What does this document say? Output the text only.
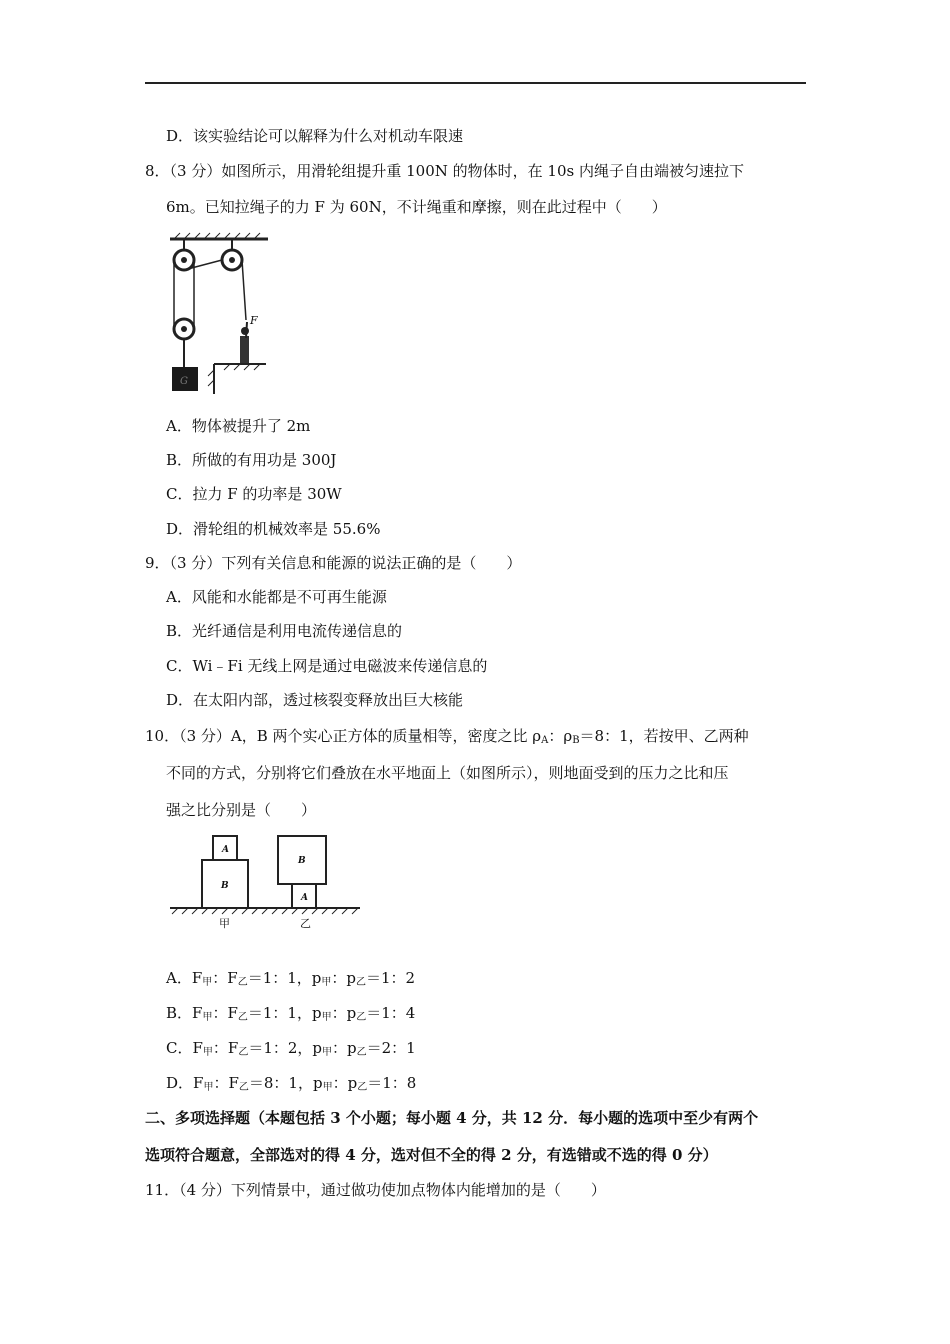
D．该实验结论可以解释为什么对机动车限速
8．（3 分）如图所示，用滑轮组提升重 100N 的物体时，在 10s 内绳子自由端被匀速拉下
6m。已知拉绳子的力 F 为 60N，不计绳重和摩擦，则在此过程中（　　）
G
F
A．物体被提升了 2m
B．所做的有用功是 300J
C．拉力 F 的功率是 30W
D．滑轮组的机械效率是 55.6%
9．（3 分）下列有关信息和能源的说法正确的是（　　）
A．风能和水能都是不可再生能源
B．光纤通信是利用电流传递信息的
C．Wi﹣Fi 无线上网是通过电磁波来传递信息的
D．在太阳内部，透过核裂变释放出巨大核能
10．（3 分）A，B 两个实心正方体的质量相等，密度之比 $\rho_A$：$\rho_B=8$：1，若按甲、乙两种
不同的方式，分别将它们叠放在水平地面上（如图所示），则地面受到的压力之比和压
强之比分别是（　　）
A
B
B
A
甲	乙
A．$F_甲$：$F_乙=1$：1，$p_甲$：$p_乙=1$：2
B．$F_甲$：$F_乙=1$：1，$p_甲$：$p_乙=1$：4
C．$F_甲$：$F_乙=1$：2，$p_甲$：$p_乙=2$：1
D．$F_甲$：$F_乙=8$：1，$p_甲$：$p_乙=1$：8
二、多项选择题（本题包括 3 个小题；每小题 4 分，共 12 分．每小题的选项中至少有两个
选项符合题意，全部选对的得 4 分，选对但不全的得 2 分，有选错或不选的得 0 分）
11．（4 分）下列情景中，通过做功使加点物体内能增加的是（　　）
